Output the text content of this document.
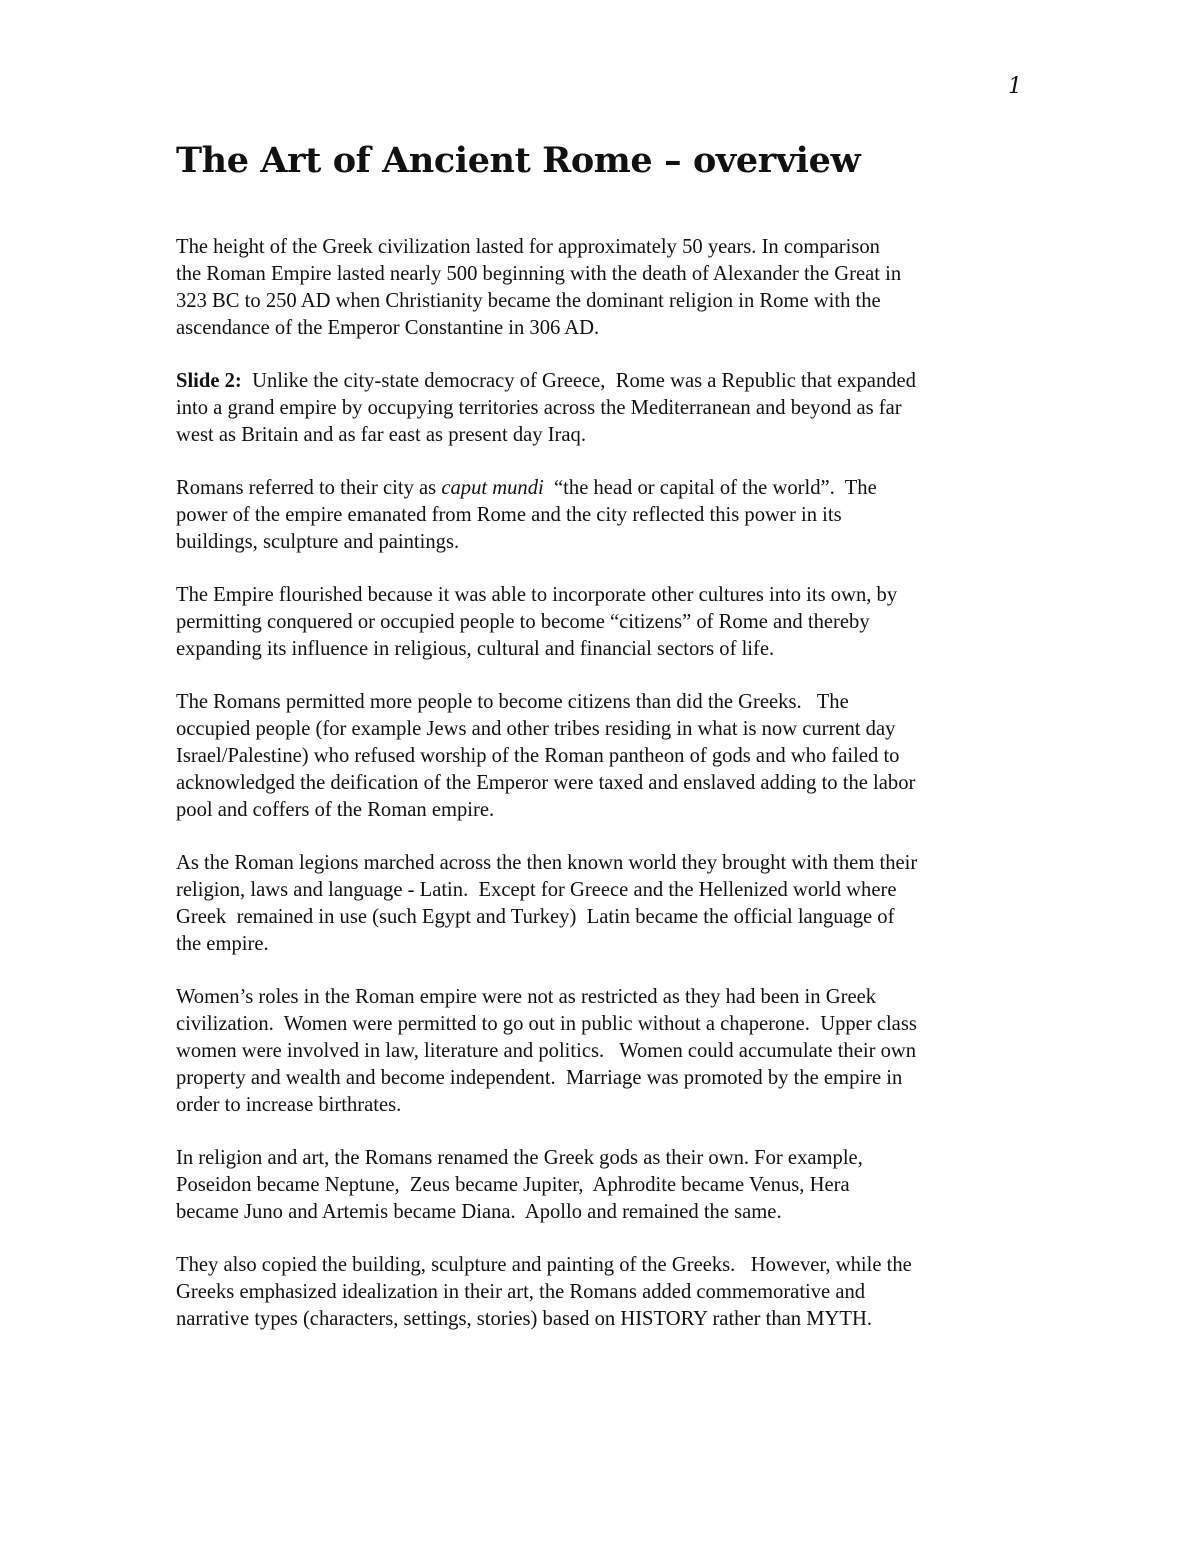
1
The Art of Ancient Rome – overview

The height of the Greek civilization lasted for approximately 50 years. In comparison
the Roman Empire lasted nearly 500 beginning with the death of Alexander the Great in
323 BC to 250 AD when Christianity became the dominant religion in Rome with the
ascendance of the Emperor Constantine in 306 AD.

Slide 2:  Unlike the city-state democracy of Greece,  Rome was a Republic that expanded
into a grand empire by occupying territories across the Mediterranean and beyond as far
west as Britain and as far east as present day Iraq.

Romans referred to their city as caput mundi  “the head or capital of the world”.  The
power of the empire emanated from Rome and the city reflected this power in its
buildings, sculpture and paintings.

The Empire flourished because it was able to incorporate other cultures into its own, by
permitting conquered or occupied people to become “citizens” of Rome and thereby
expanding its influence in religious, cultural and financial sectors of life.

The Romans permitted more people to become citizens than did the Greeks.   The
occupied people (for example Jews and other tribes residing in what is now current day
Israel/Palestine) who refused worship of the Roman pantheon of gods and who failed to
acknowledged the deification of the Emperor were taxed and enslaved adding to the labor
pool and coffers of the Roman empire.

As the Roman legions marched across the then known world they brought with them their
religion, laws and language - Latin.  Except for Greece and the Hellenized world where
Greek  remained in use (such Egypt and Turkey)  Latin became the official language of
the empire.

Women’s roles in the Roman empire were not as restricted as they had been in Greek
civilization.  Women were permitted to go out in public without a chaperone.  Upper class
women were involved in law, literature and politics.   Women could accumulate their own
property and wealth and become independent.  Marriage was promoted by the empire in
order to increase birthrates.

In religion and art, the Romans renamed the Greek gods as their own. For example,
Poseidon became Neptune,  Zeus became Jupiter,  Aphrodite became Venus, Hera
became Juno and Artemis became Diana.  Apollo and remained the same.

They also copied the building, sculpture and painting of the Greeks.   However, while the
Greeks emphasized idealization in their art, the Romans added commemorative and
narrative types (characters, settings, stories) based on HISTORY rather than MYTH.
